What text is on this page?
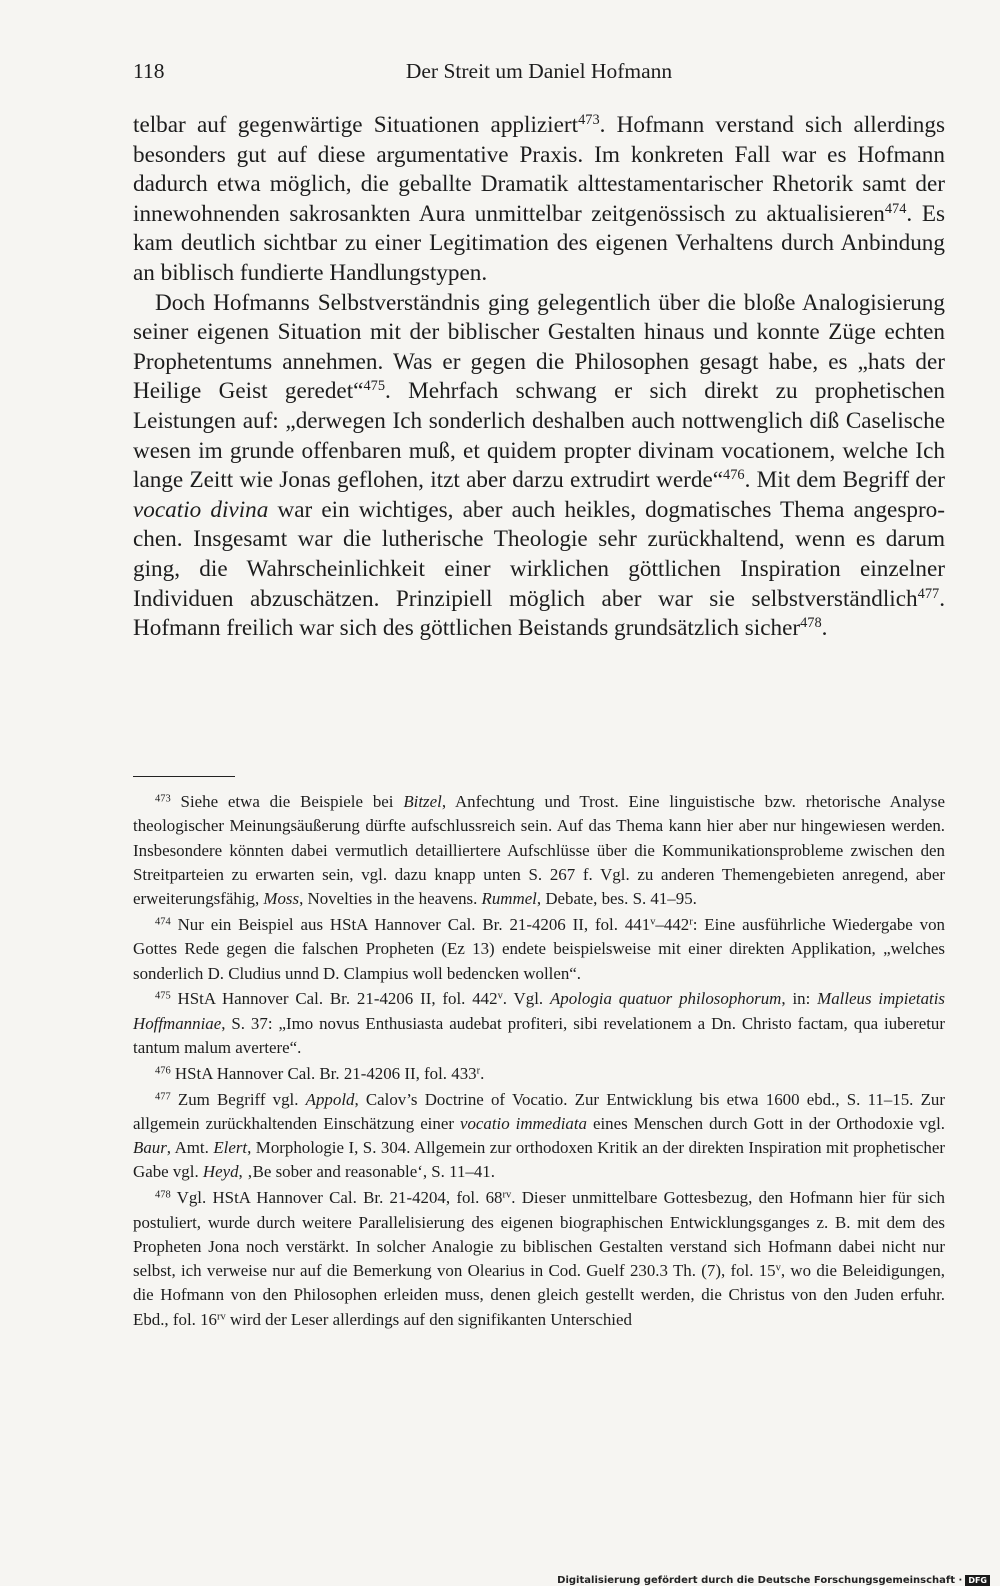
118	Der Streit um Daniel Hofmann

telbar auf gegenwärtige Situationen appliziert$^{473}$. Hofmann verstand sich allerdings besonders gut auf diese argumentative Praxis. Im konkreten Fall war es Hofmann dadurch etwa möglich, die geballte Dramatik alttestamentarischer Rhetorik samt der innewohnenden sakrosankten Aura unmittelbar zeitgenössisch zu aktualisieren$^{474}$. Es kam deutlich sichtbar zu einer Legitimation des eigenen Verhaltens durch Anbindung an biblisch fundierte Handlungstypen.

Doch Hofmanns Selbstverständnis ging gelegentlich über die bloße Analogisierung seiner eigenen Situation mit der biblischer Gestalten hinaus und konnte Züge echten Prophetentums annehmen. Was er gegen die Philosophen gesagt habe, es „hats der Heilige Geist geredet“$^{475}$. Mehrfach schwang er sich direkt zu prophetischen Leistungen auf: „derwegen Ich sonderlich deshalben auch nottwenglich diß Caselische wesen im grunde offenbaren muß, et quidem propter divinam vocationem, welche Ich lange Zeitt wie Jonas geflohen, itzt aber darzu extrudirt werde“$^{476}$. Mit dem Begriff der vocatio divina war ein wichtiges, aber auch heikles, dogmatisches Thema angesprochen. Insgesamt war die lutherische Theologie sehr zurückhaltend, wenn es darum ging, die Wahrscheinlichkeit einer wirklichen göttlichen Inspiration einzelner Individuen abzuschätzen. Prinzipiell möglich aber war sie selbstverständlich$^{477}$. Hofmann freilich war sich des göttlichen Beistands grundsätzlich sicher$^{478}$.

$^{473}$ Siehe etwa die Beispiele bei Bitzel, Anfechtung und Trost. Eine linguistische bzw. rhetorische Analyse theologischer Meinungsäußerung dürfte aufschlussreich sein. Auf das Thema kann hier aber nur hingewiesen werden. Insbesondere könnten dabei vermutlich detailliertere Aufschlüsse über die Kommunikationsprobleme zwischen den Streitparteien zu erwarten sein, vgl. dazu knapp unten S. 267 f. Vgl. zu anderen Themengebieten anregend, aber erweiterungsfähig, Moss, Novelties in the heavens. Rummel, Debate, bes. S. 41–95.

$^{474}$ Nur ein Beispiel aus HStA Hannover Cal. Br. 21-4206 II, fol. 441$^v$–442$^r$: Eine ausführliche Wiedergabe von Gottes Rede gegen die falschen Propheten (Ez 13) endete beispielsweise mit einer direkten Applikation, „welches sonderlich D. Cludius unnd D. Clampius woll bedencken wollen“.

$^{475}$ HStA Hannover Cal. Br. 21-4206 II, fol. 442$^v$. Vgl. Apologia quatuor philosophorum, in: Malleus impietatis Hoffmanniae, S. 37: „Imo novus Enthusiasta audebat profiteri, sibi revelationem a Dn. Christo factam, qua iuberetur tantum malum avertere“.

$^{476}$ HStA Hannover Cal. Br. 21-4206 II, fol. 433$^r$.

$^{477}$ Zum Begriff vgl. Appold, Calov’s Doctrine of Vocatio. Zur Entwicklung bis etwa 1600 ebd., S. 11–15. Zur allgemein zurückhaltenden Einschätzung einer vocatio immediata eines Menschen durch Gott in der Orthodoxie vgl. Baur, Amt. Elert, Morphologie I, S. 304. Allgemein zur orthodoxen Kritik an der direkten Inspiration mit prophetischer Gabe vgl. Heyd, ‚Be sober and reasonable‘, S. 11–41.

$^{478}$ Vgl. HStA Hannover Cal. Br. 21-4204, fol. $68^{rv}$. Dieser unmittelbare Gottesbezug, den Hofmann hier für sich postuliert, wurde durch weitere Parallelisierung des eigenen biographischen Entwicklungsganges z. B. mit dem des Propheten Jona noch verstärkt. In solcher Analogie zu biblischen Gestalten verstand sich Hofmann dabei nicht nur selbst, ich verweise nur auf die Bemerkung von Olearius in Cod. Guelf 230.3 Th. (7), fol. 15$^v$, wo die Beleidigungen, die Hofmann von den Philosophen erleiden muss, denen gleich gestellt werden, die Christus von den Juden erfuhr. Ebd., fol. $16^{rv}$ wird der Leser allerdings auf den signifikanten Unterschied

Digitalisierung gefördert durch die Deutsche Forschungsgemeinschaft · DFG
